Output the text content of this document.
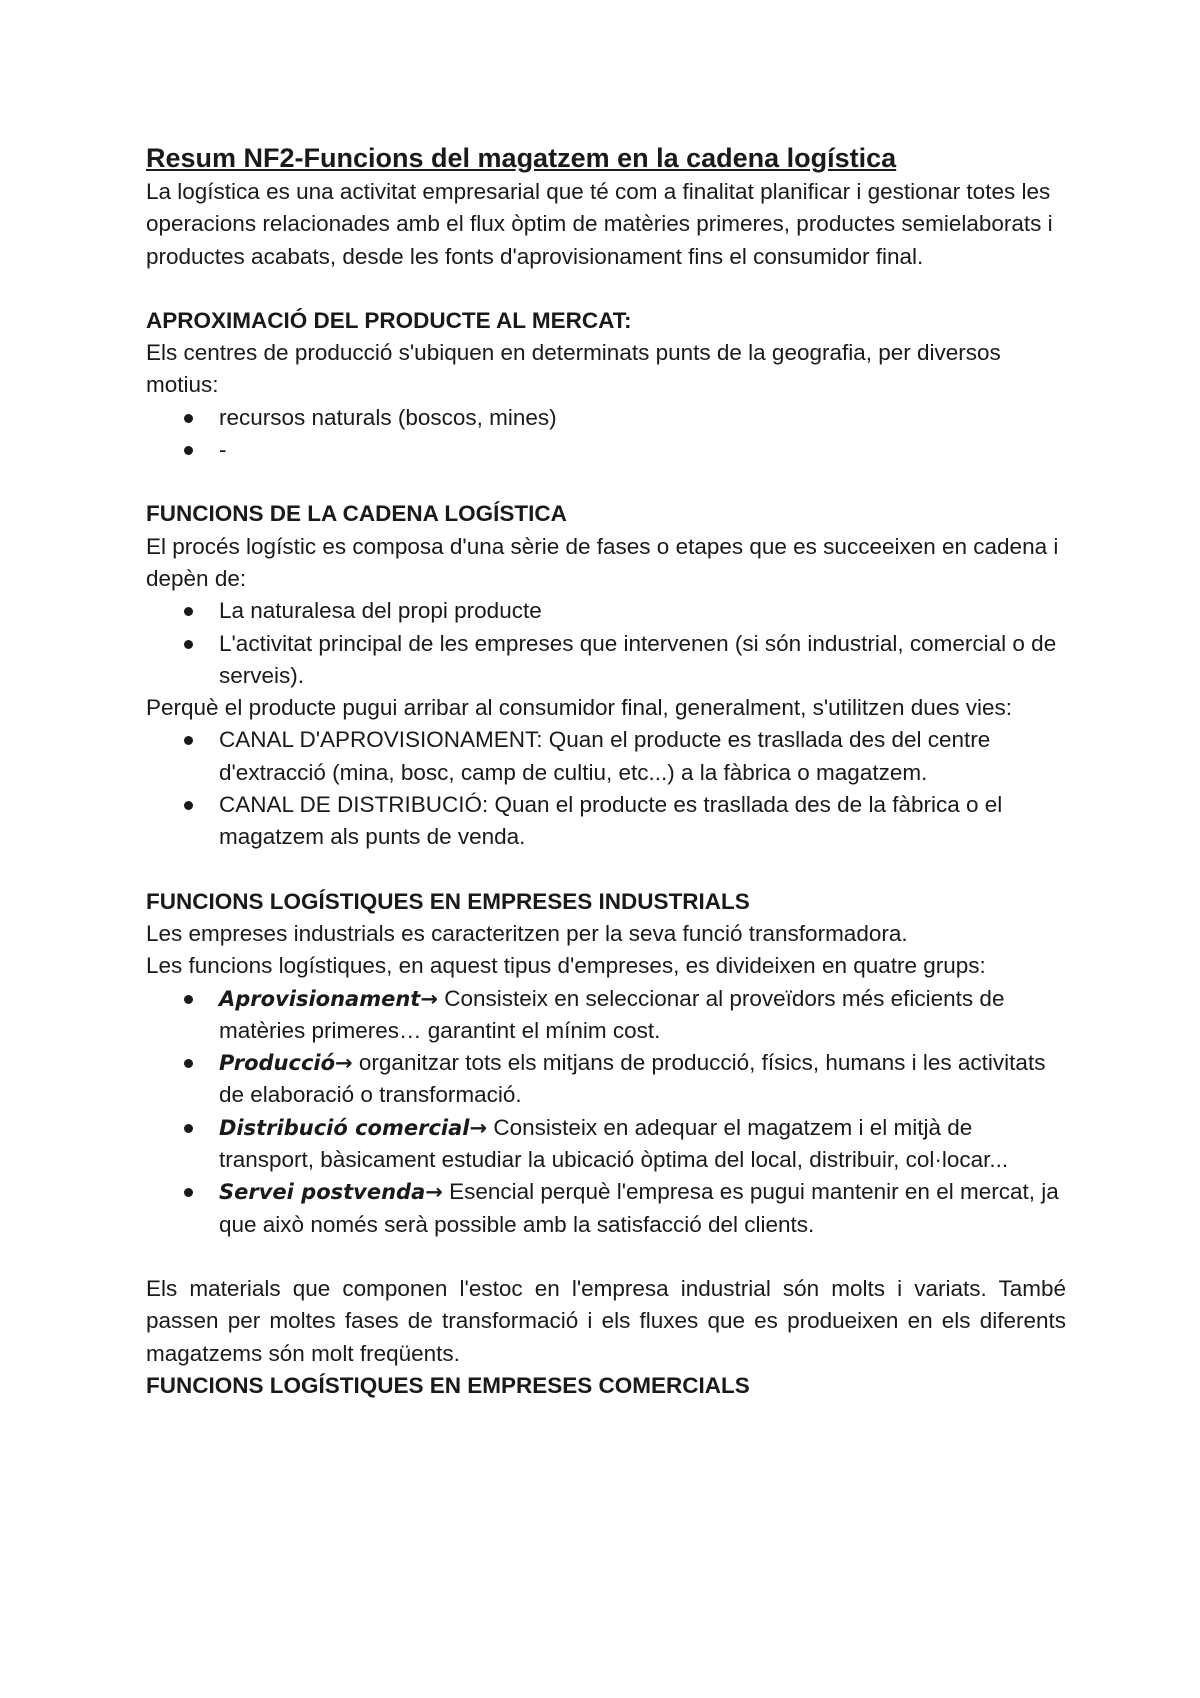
Resum NF2-Funcions del magatzem en la cadena logística

La logística es una activitat empresarial que té com a finalitat planificar i gestionar totes les operacions relacionades amb el flux òptim de matèries primeres, productes semielaborats i productes acabats, desde les fonts d'aprovisionament fins el consumidor final.

APROXIMACIÓ DEL PRODUCTE AL MERCAT:

Els centres de producció s'ubiquen en determinats punts de la geografia, per diversos motius:

recursos naturals (boscos, mines)
-

FUNCIONS DE LA CADENA LOGÍSTICA

El procés logístic es composa d'una sèrie de fases o etapes que es succeeixen en cadena i depèn de:

La naturalesa del propi producte
L'activitat principal de les empreses que intervenen (si són industrial, comercial o de serveis).

Perquè el producte pugui arribar al consumidor final, generalment, s'utilitzen dues vies:

CANAL D'APROVISIONAMENT: Quan el producte es trasllada des del centre d'extracció (mina, bosc, camp de cultiu, etc...) a la fàbrica o magatzem.
CANAL DE DISTRIBUCIÓ: Quan el producte es trasllada des de la fàbrica o el magatzem als punts de venda.

FUNCIONS LOGÍSTIQUES EN EMPRESES INDUSTRIALS

Les empreses industrials es caracteritzen per la seva funció transformadora.

Les funcions logístiques, en aquest tipus d'empreses, es divideixen en quatre grups:

Aprovisionament→ Consisteix en seleccionar al proveïdors més eficients de matèries primeres… garantint el mínim cost.
Producció→ organitzar tots els mitjans de producció, físics, humans i les activitats de elaboració o transformació.
Distribució comercial→ Consisteix en adequar el magatzem i el mitjà de transport, bàsicament estudiar la ubicació òptima del local, distribuir, col·locar...
Servei postvenda→ Esencial perquè l'empresa es pugui mantenir en el mercat, ja que això només serà possible amb la satisfacció del clients.

Els materials que componen l'estoc en l'empresa industrial són molts i variats. També passen per moltes fases de transformació i els fluxes que es produeixen en els diferents magatzems són molt freqüents.

FUNCIONS LOGÍSTIQUES EN EMPRESES COMERCIALS
